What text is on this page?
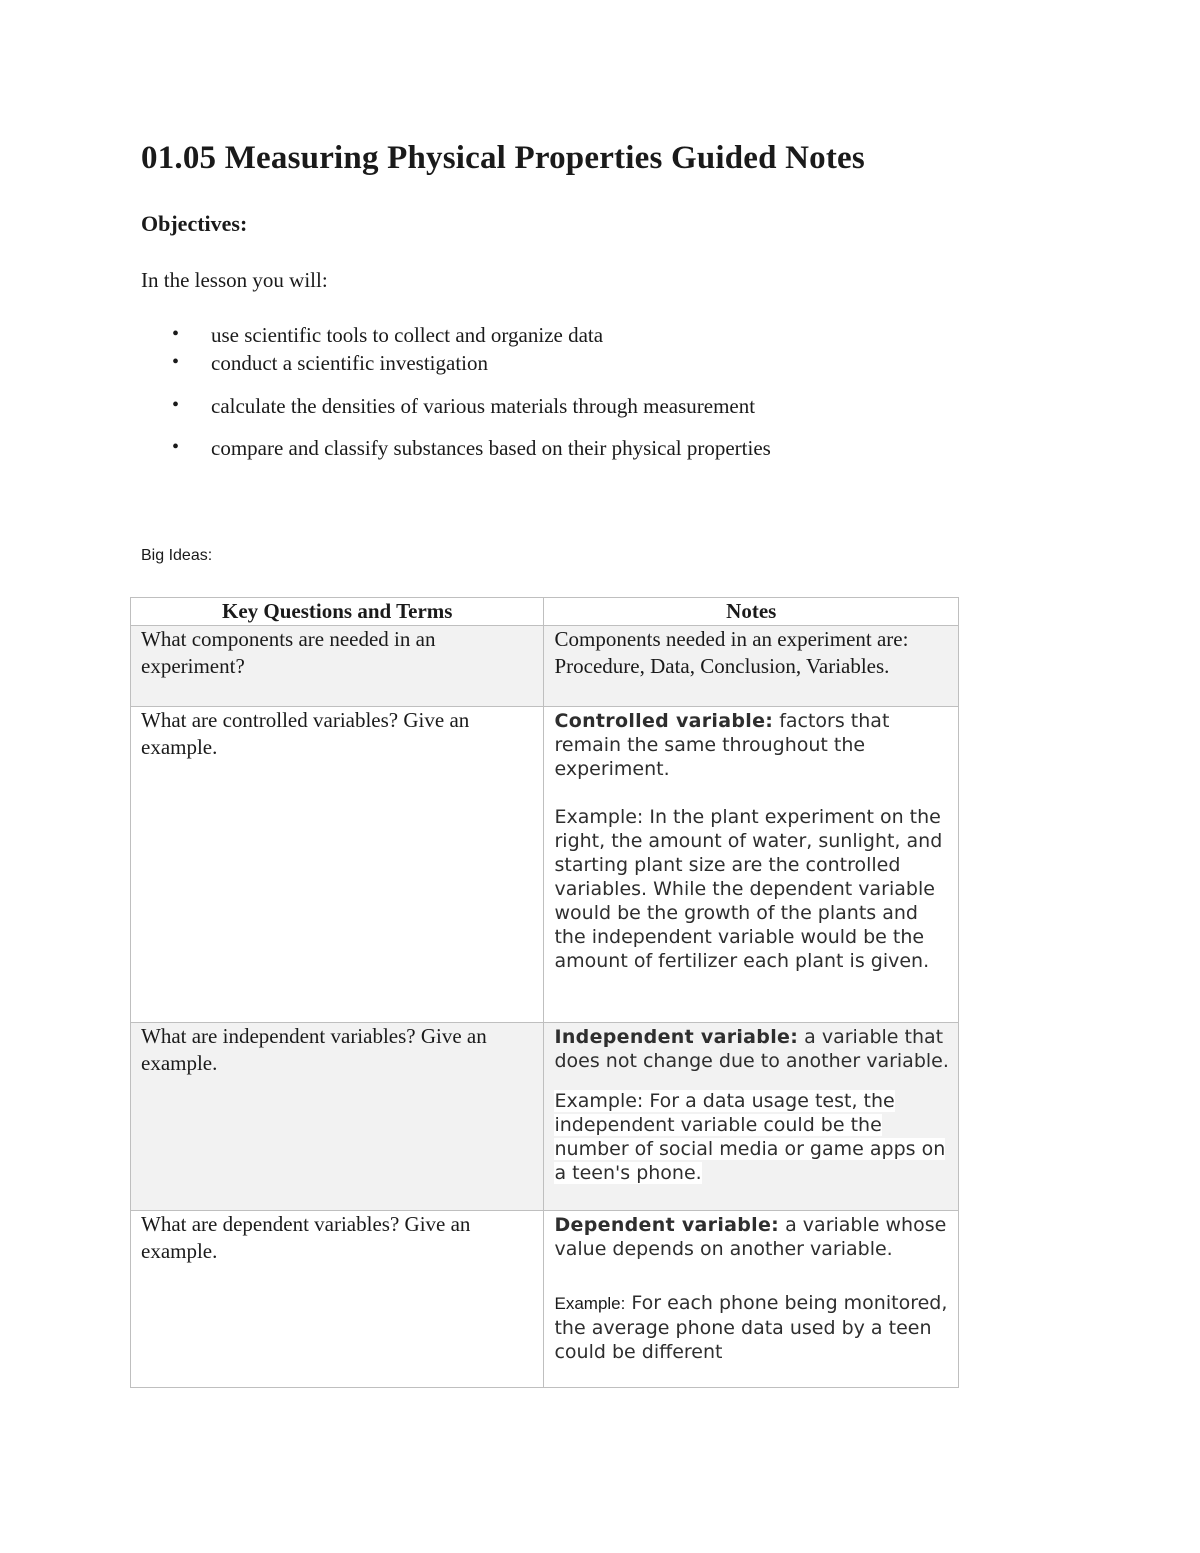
01.05 Measuring Physical Properties Guided Notes
Objectives:

In the lesson you will:

• use scientific tools to collect and organize data
• conduct a scientific investigation
• calculate the densities of various materials through measurement
• compare and classify substances based on their physical properties

Big Ideas:

Key Questions and Terms	Notes

What components are needed in an experiment?	Components needed in an experiment are: Procedure, Data, Conclusion, Variables.

What are controlled variables? Give an example.	Controlled variable: factors that remain the same throughout the experiment.

Example: In the plant experiment on the right, the amount of water, sunlight, and starting plant size are the controlled variables. While the dependent variable would be the growth of the plants and the independent variable would be the amount of fertilizer each plant is given.

What are independent variables? Give an example.	Independent variable: a variable that does not change due to another variable.

Example: For a data usage test, the independent variable could be the number of social media or game apps on a teen's phone.

What are dependent variables? Give an example.	Dependent variable: a variable whose value depends on another variable.

Example: For each phone being monitored, the average phone data used by a teen could be different
